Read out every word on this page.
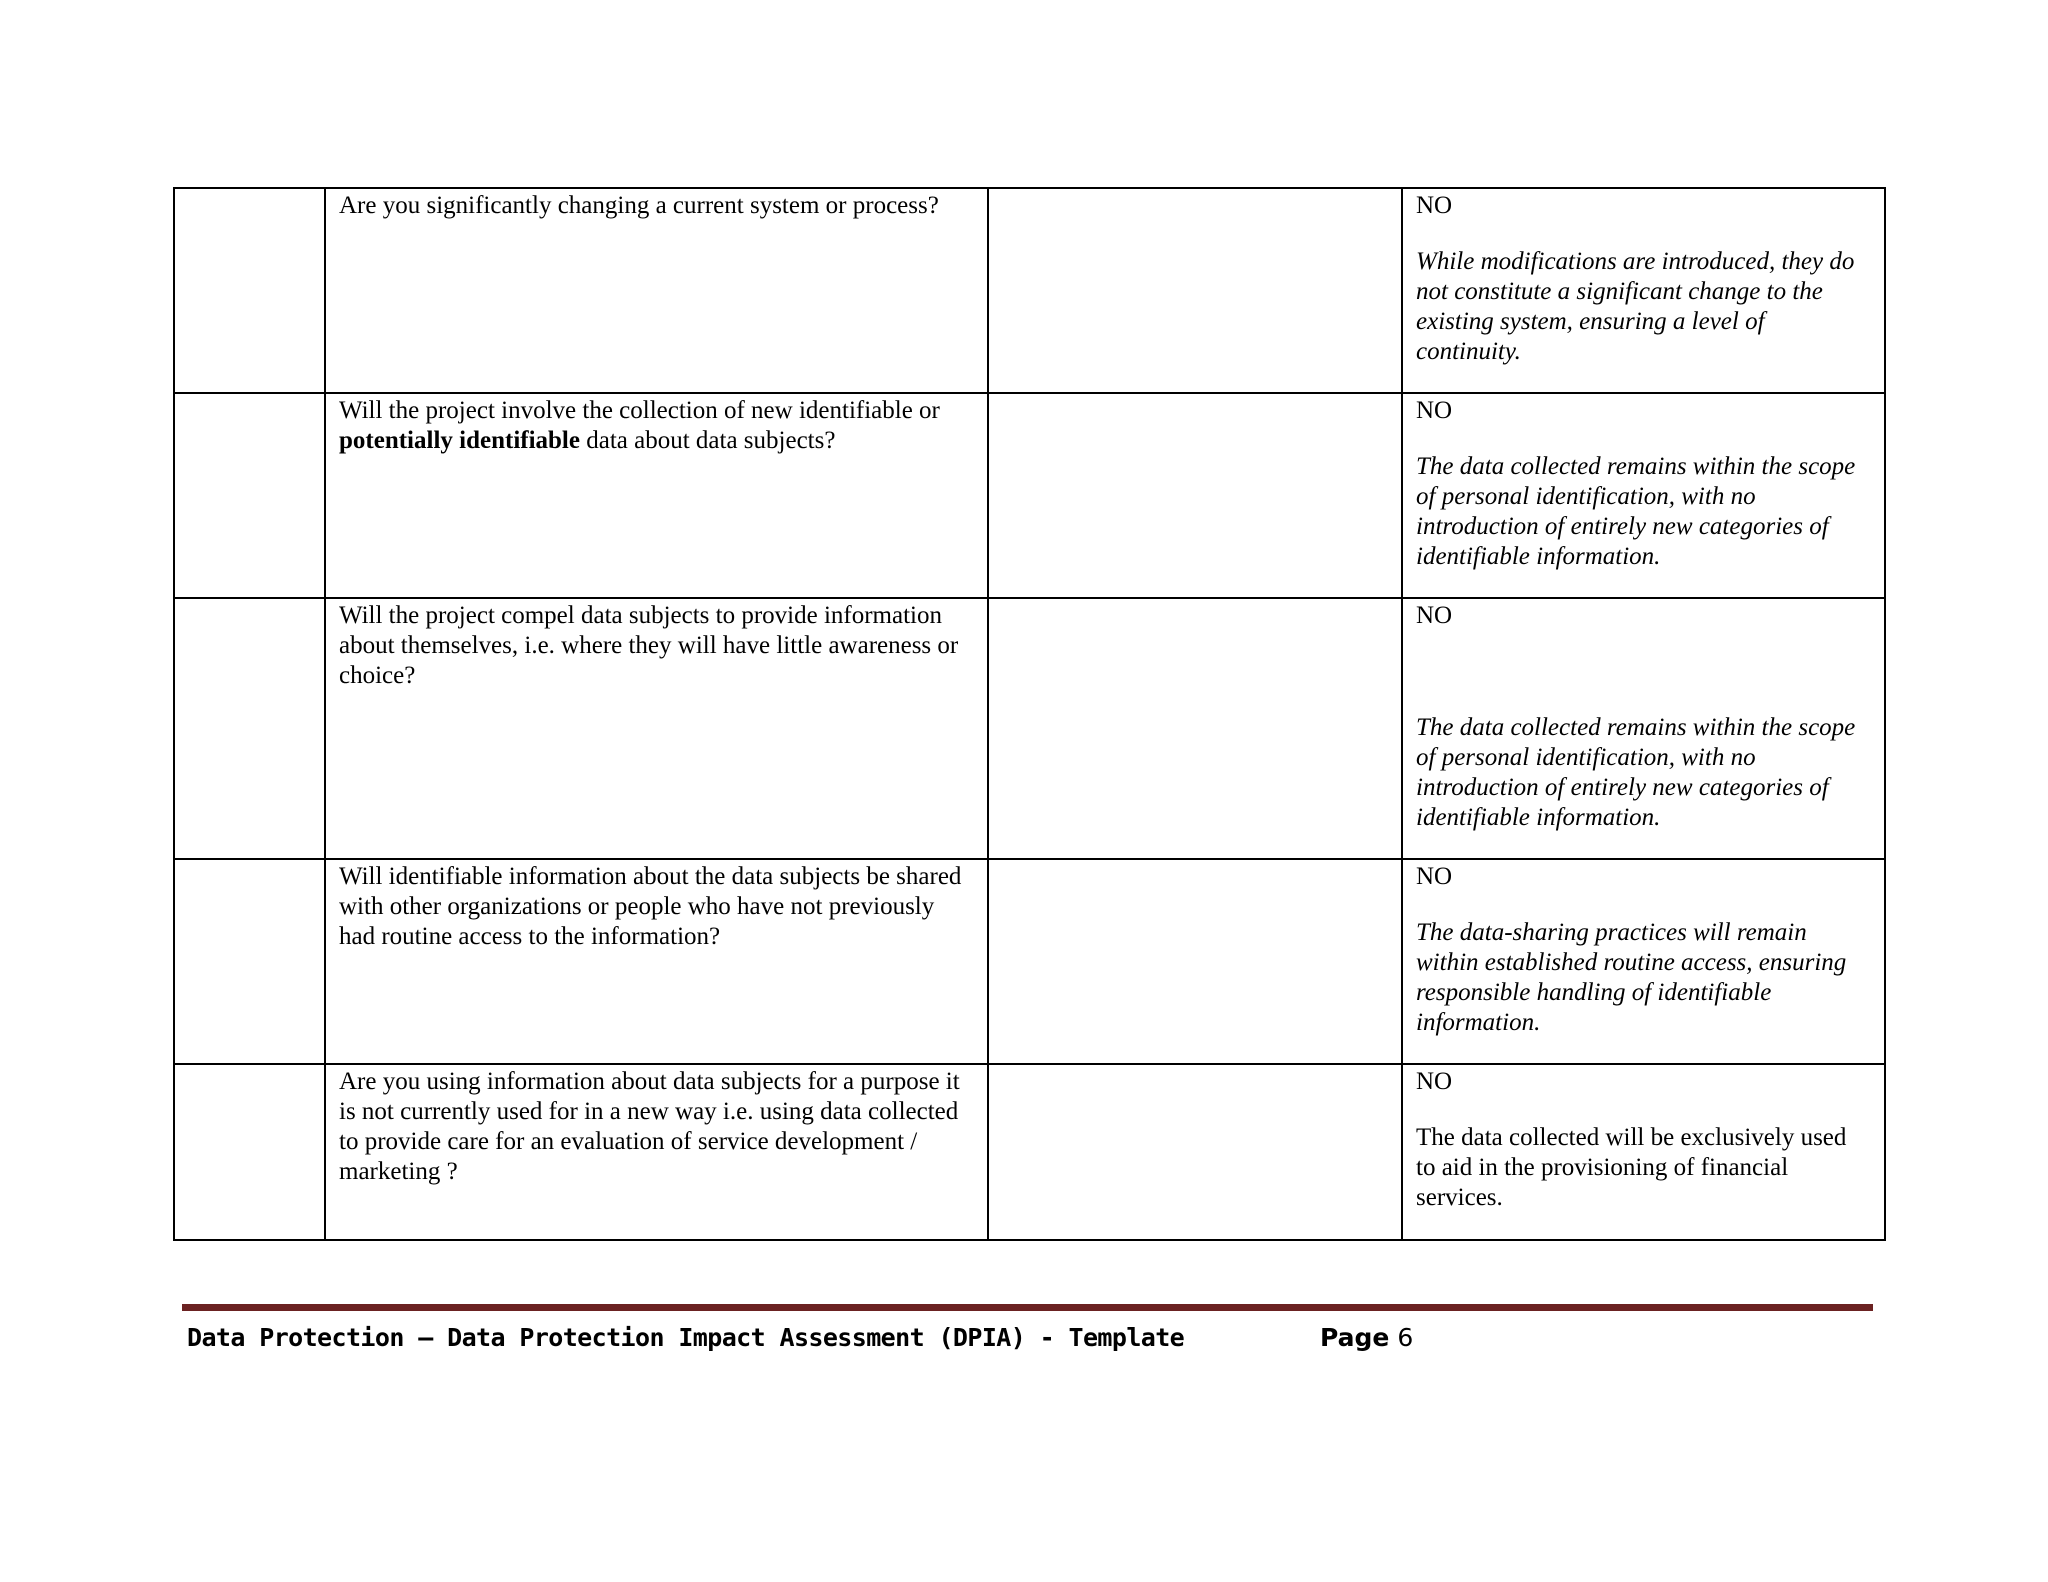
	Are you significantly changing a current system or process?		NO

While modifications are introduced, they do not constitute a significant change to the existing system, ensuring a level of continuity.

	Will the project involve the collection of new identifiable or potentially identifiable data about data subjects?		NO

The data collected remains within the scope of personal identification, with no introduction of entirely new categories of identifiable information.

	Will the project compel data subjects to provide information about themselves, i.e. where they will have little awareness or choice?		NO

The data collected remains within the scope of personal identification, with no introduction of entirely new categories of identifiable information.

	Will identifiable information about the data subjects be shared with other organizations or people who have not previously had routine access to the information?		NO

The data-sharing practices will remain within established routine access, ensuring responsible handling of identifiable information.

	Are you using information about data subjects for a purpose it is not currently used for in a new way i.e. using data collected to provide care for an evaluation of service development / marketing ?		NO

The data collected will be exclusively used to aid in the provisioning of financial services.

Data Protection – Data Protection Impact Assessment (DPIA) - Template	Page 6
